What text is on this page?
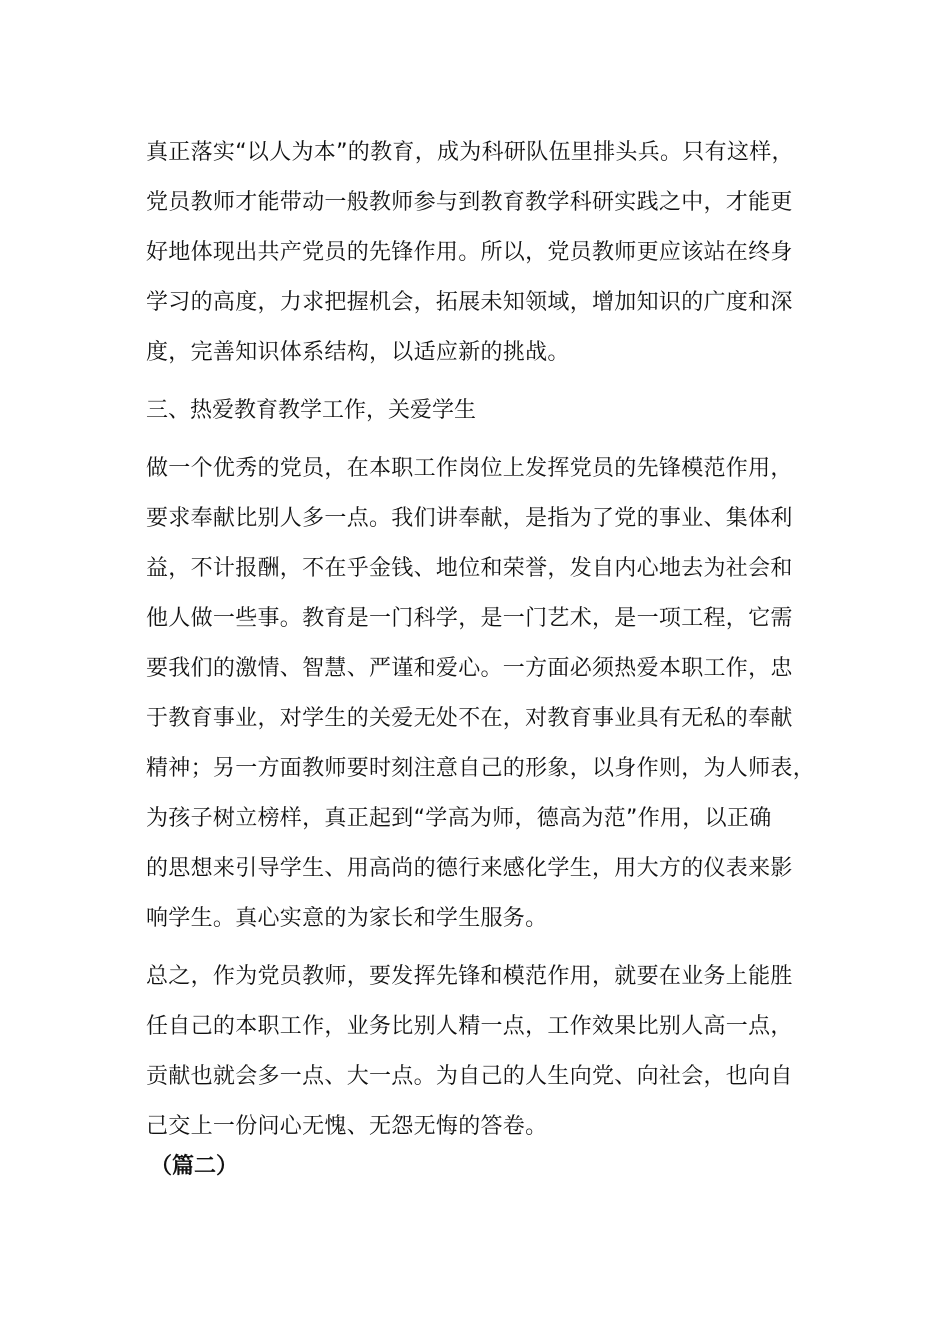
真正落实“以人为本”的教育，成为科研队伍里排头兵。只有这样，
党员教师才能带动一般教师参与到教育教学科研实践之中，才能更
好地体现出共产党员的先锋作用。所以，党员教师更应该站在终身
学习的高度，力求把握机会，拓展未知领域，增加知识的广度和深
度，完善知识体系结构，以适应新的挑战。
三、热爱教育教学工作，关爱学生
做一个优秀的党员，在本职工作岗位上发挥党员的先锋模范作用，
要求奉献比别人多一点。我们讲奉献，是指为了党的事业、集体利
益，不计报酬，不在乎金钱、地位和荣誉，发自内心地去为社会和
他人做一些事。教育是一门科学，是一门艺术，是一项工程，它需
要我们的激情、智慧、严谨和爱心。一方面必须热爱本职工作，忠
于教育事业，对学生的关爱无处不在，对教育事业具有无私的奉献
精神；另一方面教师要时刻注意自己的形象，以身作则，为人师表，
为孩子树立榜样，真正起到“学高为师，德高为范”作用，以正确
的思想来引导学生、用高尚的德行来感化学生，用大方的仪表来影
响学生。真心实意的为家长和学生服务。
总之，作为党员教师，要发挥先锋和模范作用，就要在业务上能胜
任自己的本职工作，业务比别人精一点，工作效果比别人高一点，
贡献也就会多一点、大一点。为自己的人生向党、向社会，也向自
己交上一份问心无愧、无怨无悔的答卷。
（篇二）
